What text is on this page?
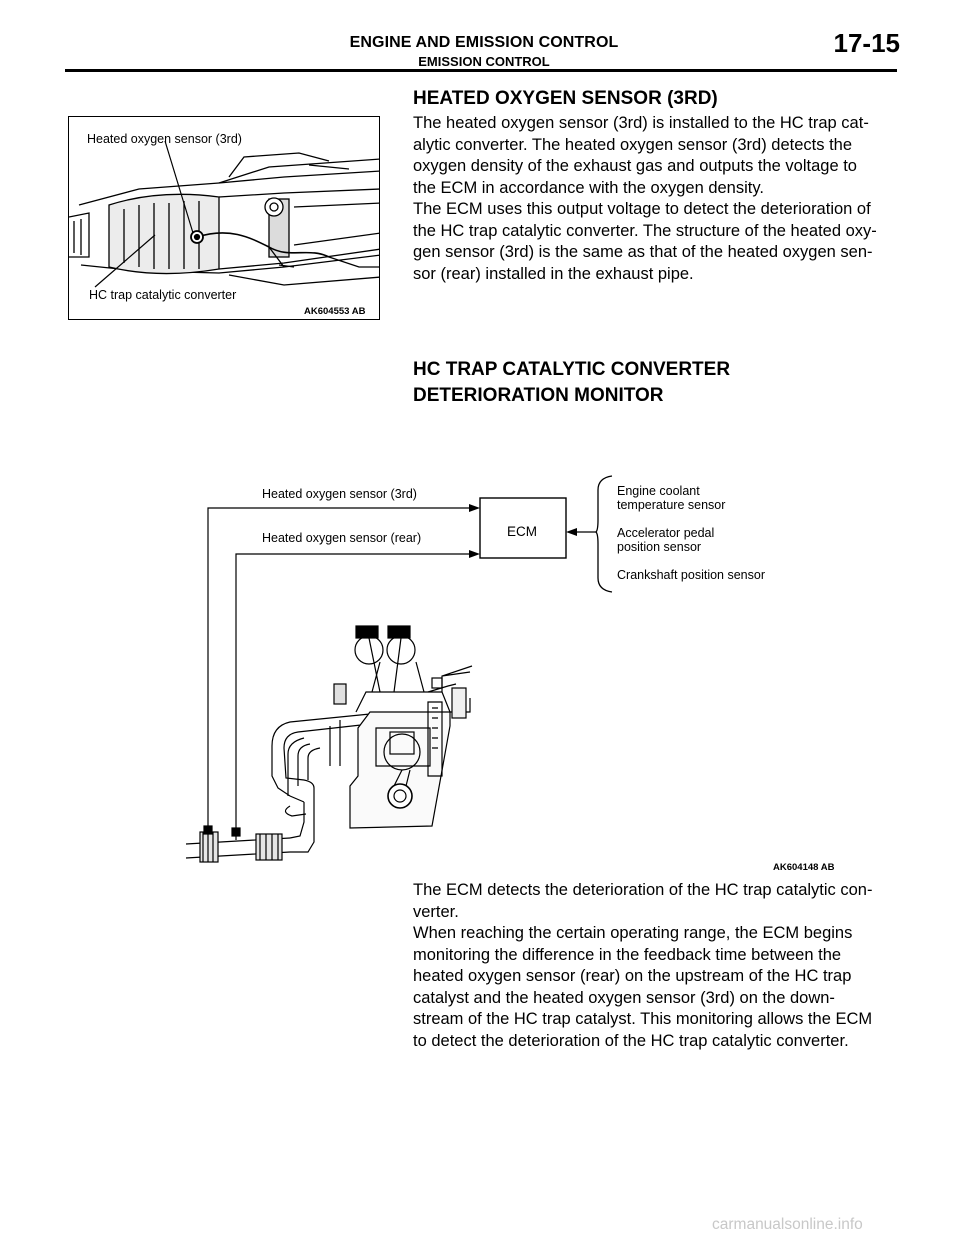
ENGINE AND EMISSION CONTROL
EMISSION CONTROL
17-15
HEATED OXYGEN SENSOR (3RD)

The heated oxygen sensor (3rd) is installed to the HC trap cat-

alytic converter. The heated oxygen sensor (3rd) detects the

oxygen density of the exhaust gas and outputs the voltage to

the ECM in accordance with the oxygen density.

The ECM uses this output voltage to detect the deterioration of

the HC trap catalytic converter. The structure of the heated oxy-

gen sensor (3rd) is the same as that of the heated oxygen sen-

sor (rear) installed in the exhaust pipe.

Heated oxygen sensor (3rd)
HC trap catalytic converter
AK604553 AB
HC TRAP CATALYTIC CONVERTER
DETERIORATION MONITOR
Heated oxygen sensor (3rd)
Heated oxygen sensor (rear)	ECM
Engine coolant
temperature sensor
Accelerator pedal
position sensor
Crankshaft position sensor
AK604148 AB

The ECM detects the deterioration of the HC trap catalytic con-

verter.

When reaching the certain operating range, the ECM begins

monitoring the difference in the feedback time between the

heated oxygen sensor (rear) on the upstream of the HC trap

catalyst and the heated oxygen sensor (3rd) on the down-

stream of the HC trap catalyst. This monitoring allows the ECM

to detect the deterioration of the HC trap catalytic converter.

carmanualsonline.info
